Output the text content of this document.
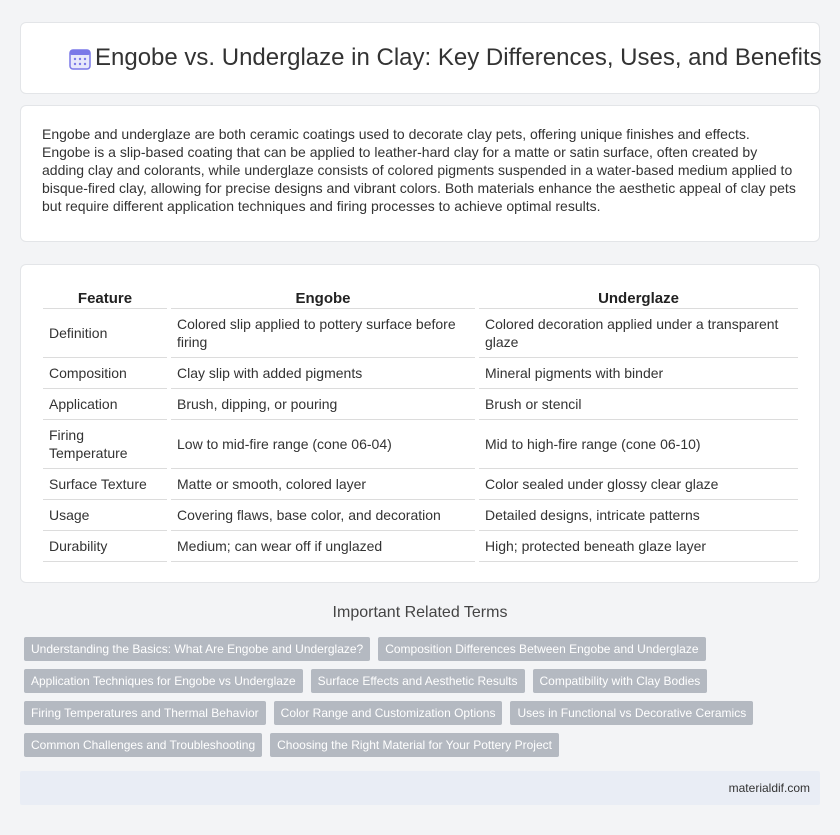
Engobe vs. Underglaze in Clay: Key Differences, Uses, and Benefits

Engobe and underglaze are both ceramic coatings used to decorate clay pets, offering unique finishes and effects. Engobe is a slip-based coating that can be applied to leather-hard clay for a matte or satin surface, often created by adding clay and colorants, while underglaze consists of colored pigments suspended in a water-based medium applied to bisque-fired clay, allowing for precise designs and vibrant colors. Both materials enhance the aesthetic appeal of clay pets but require different application techniques and firing processes to achieve optimal results.

Feature		Engobe		Underglaze
Definition		Colored slip applied to pottery surface before firing		Colored decoration applied under a transparent glaze
Composition		Clay slip with added pigments		Mineral pigments with binder
Application		Brush, dipping, or pouring		Brush or stencil
Firing Temperature		Low to mid-fire range (cone 06-04)		Mid to high-fire range (cone 06-10)
Surface Texture		Matte or smooth, colored layer		Color sealed under glossy clear glaze
Usage		Covering flaws, base color, and decoration		Detailed designs, intricate patterns
Durability		Medium; can wear off if unglazed		High; protected beneath glaze layer
Important Related Terms
Understanding the Basics: What Are Engobe and Underglaze?	Composition Differences Between Engobe and Underglaze
Application Techniques for Engobe vs Underglaze	Surface Effects and Aesthetic Results	Compatibility with Clay Bodies
Firing Temperatures and Thermal Behavior	Color Range and Customization Options	Uses in Functional vs Decorative Ceramics
Common Challenges and Troubleshooting	Choosing the Right Material for Your Pottery Project
materialdif.com
